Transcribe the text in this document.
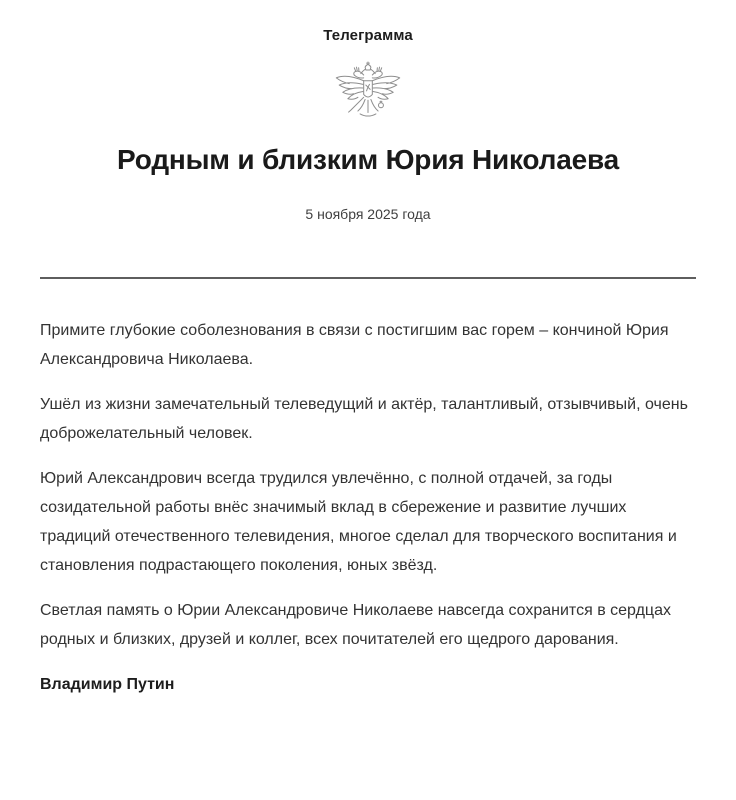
Телеграмма
Родным и близким Юрия Николаева
5 ноября 2025 года

Примите глубокие соболезнования в связи с постигшим вас горем – кончиной Юрия Александровича Николаева.

Ушёл из жизни замечательный телеведущий и актёр, талантливый, отзывчивый, очень доброжелательный человек.

Юрий Александрович всегда трудился увлечённо, с полной отдачей, за годы созидательной работы внёс значимый вклад в сбережение и развитие лучших традиций отечественного телевидения, многое сделал для творческого воспитания и становления подрастающего поколения, юных звёзд.

Светлая память о Юрии Александровиче Николаеве навсегда сохранится в сердцах родных и близких, друзей и коллег, всех почитателей его щедрого дарования.

Владимир Путин
